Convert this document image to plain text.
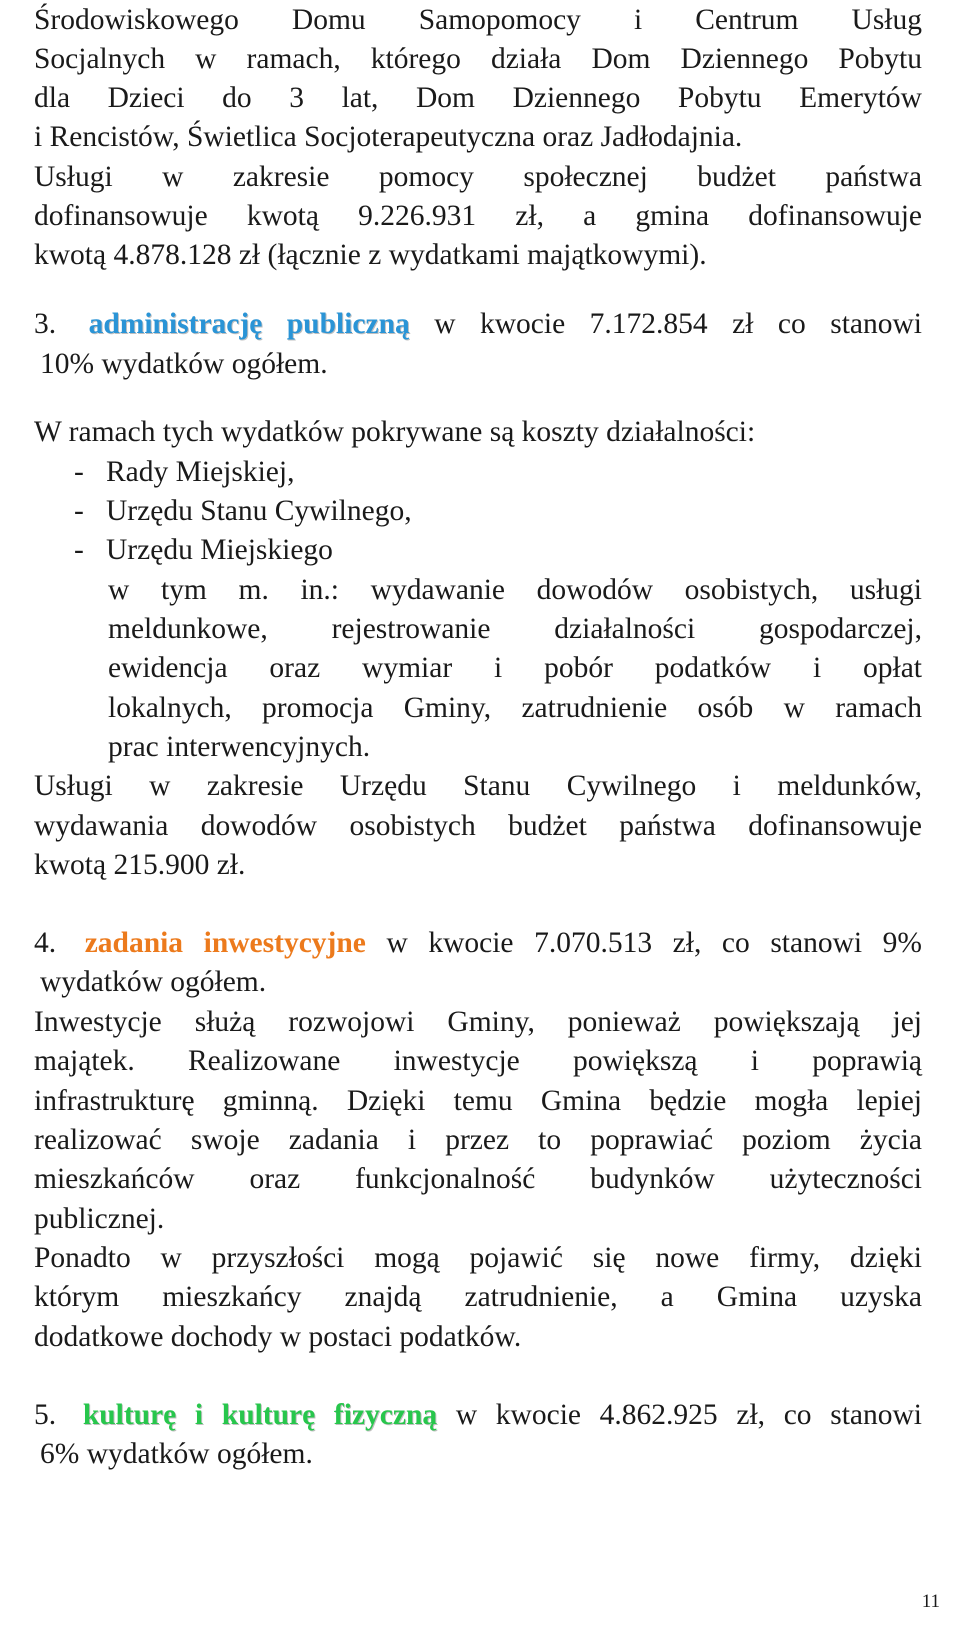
Środowiskowego Domu Samopomocy i Centrum Usług
Socjalnych w ramach, którego działa Dom Dziennego Pobytu
dla Dzieci do 3 lat, Dom Dziennego Pobytu Emerytów
i Rencistów, Świetlica Socjoterapeutyczna oraz Jadłodajnia.
Usługi w zakresie pomocy społecznej budżet państwa
dofinansowuje kwotą 9.226.931 zł, a gmina dofinansowuje
kwotą 4.878.128 zł (łącznie z wydatkami majątkowymi).
3.	administrację publiczną w kwocie 7.172.854 zł co stanowi
10% wydatków ogółem.
W ramach tych wydatków pokrywane są koszty działalności:
- Rady Miejskiej,
- Urzędu Stanu Cywilnego,
- Urzędu Miejskiego
w tym m. in.: wydawanie dowodów osobistych, usługi
meldunkowe, rejestrowanie działalności gospodarczej,
ewidencja oraz wymiar i pobór podatków i opłat
lokalnych, promocja Gminy, zatrudnienie osób w ramach
prac interwencyjnych.
Usługi w zakresie Urzędu Stanu Cywilnego i meldunków,
wydawania dowodów osobistych budżet państwa dofinansowuje
kwotą 215.900 zł.
4. zadania inwestycyjne w kwocie 7.070.513 zł, co stanowi 9%
wydatków ogółem.
Inwestycje służą rozwojowi Gminy, ponieważ powiększają jej
majątek. Realizowane inwestycje powiększą i poprawią
infrastrukturę gminną. Dzięki temu Gmina będzie mogła lepiej
realizować swoje zadania i przez to poprawiać poziom życia
mieszkańców oraz funkcjonalność budynków użyteczności
publicznej.
Ponadto w przyszłości mogą pojawić się nowe firmy, dzięki
którym mieszkańcy znajdą zatrudnienie, a Gmina uzyska
dodatkowe dochody w postaci podatków.
5. kulturę i kulturę fizyczną w kwocie 4.862.925 zł, co stanowi
6% wydatków ogółem.
11
